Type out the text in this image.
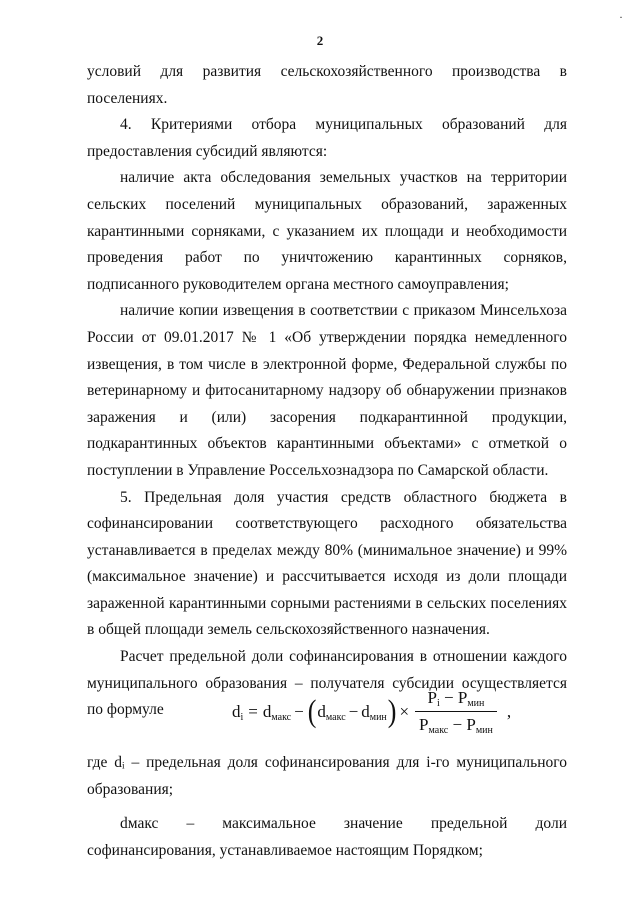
2
·

условий для развития сельскохозяйственного производства в поселениях.

4. Критериями отбора муниципальных образований для предоставления субсидий являются:

наличие акта обследования земельных участков на территории сельских поселений муниципальных образований, зараженных карантинными сорняками, с указанием их площади и необходимости проведения работ по уничтожению карантинных сорняков, подписанного руководителем органа местного самоуправления;

наличие копии извещения в соответствии с приказом Минсельхоза России от 09.01.2017 № 1 «Об утверждении порядка немедленного извещения, в том числе в электронной форме, Федеральной службы по ветеринарному и фитосанитарному надзору об обнаружении признаков заражения и (или) засорения подкарантинной продукции, подкарантинных объектов карантинными объектами» с отметкой о поступлении в Управление Россельхознадзора по Самарской области.

5. Предельная доля участия средств областного бюджета в софинансировании соответствующего расходного обязательства устанавливается в пределах между 80% (минимальное значение) и 99% (максимальное значение) и рассчитывается исходя из доли площади зараженной карантинными сорными растениями в сельских поселениях в общей площади земель сельскохозяйственного назначения.

Расчет предельной доли софинансирования в отношении каждого муниципального образования – получателя субсидии осуществляется по формуле	$d_i = d_{макс}$ − ( $d_{макс} - d_{мин}$ ) × $\frac{P_i - P_{мин}}{P_{макс} - P_{мин}}$ ,

где dᵢ – предельная доля софинансирования для i-го муниципального образования;

dмакс – максимальное значение предельной доли софинансирования, устанавливаемое настоящим Порядком;
